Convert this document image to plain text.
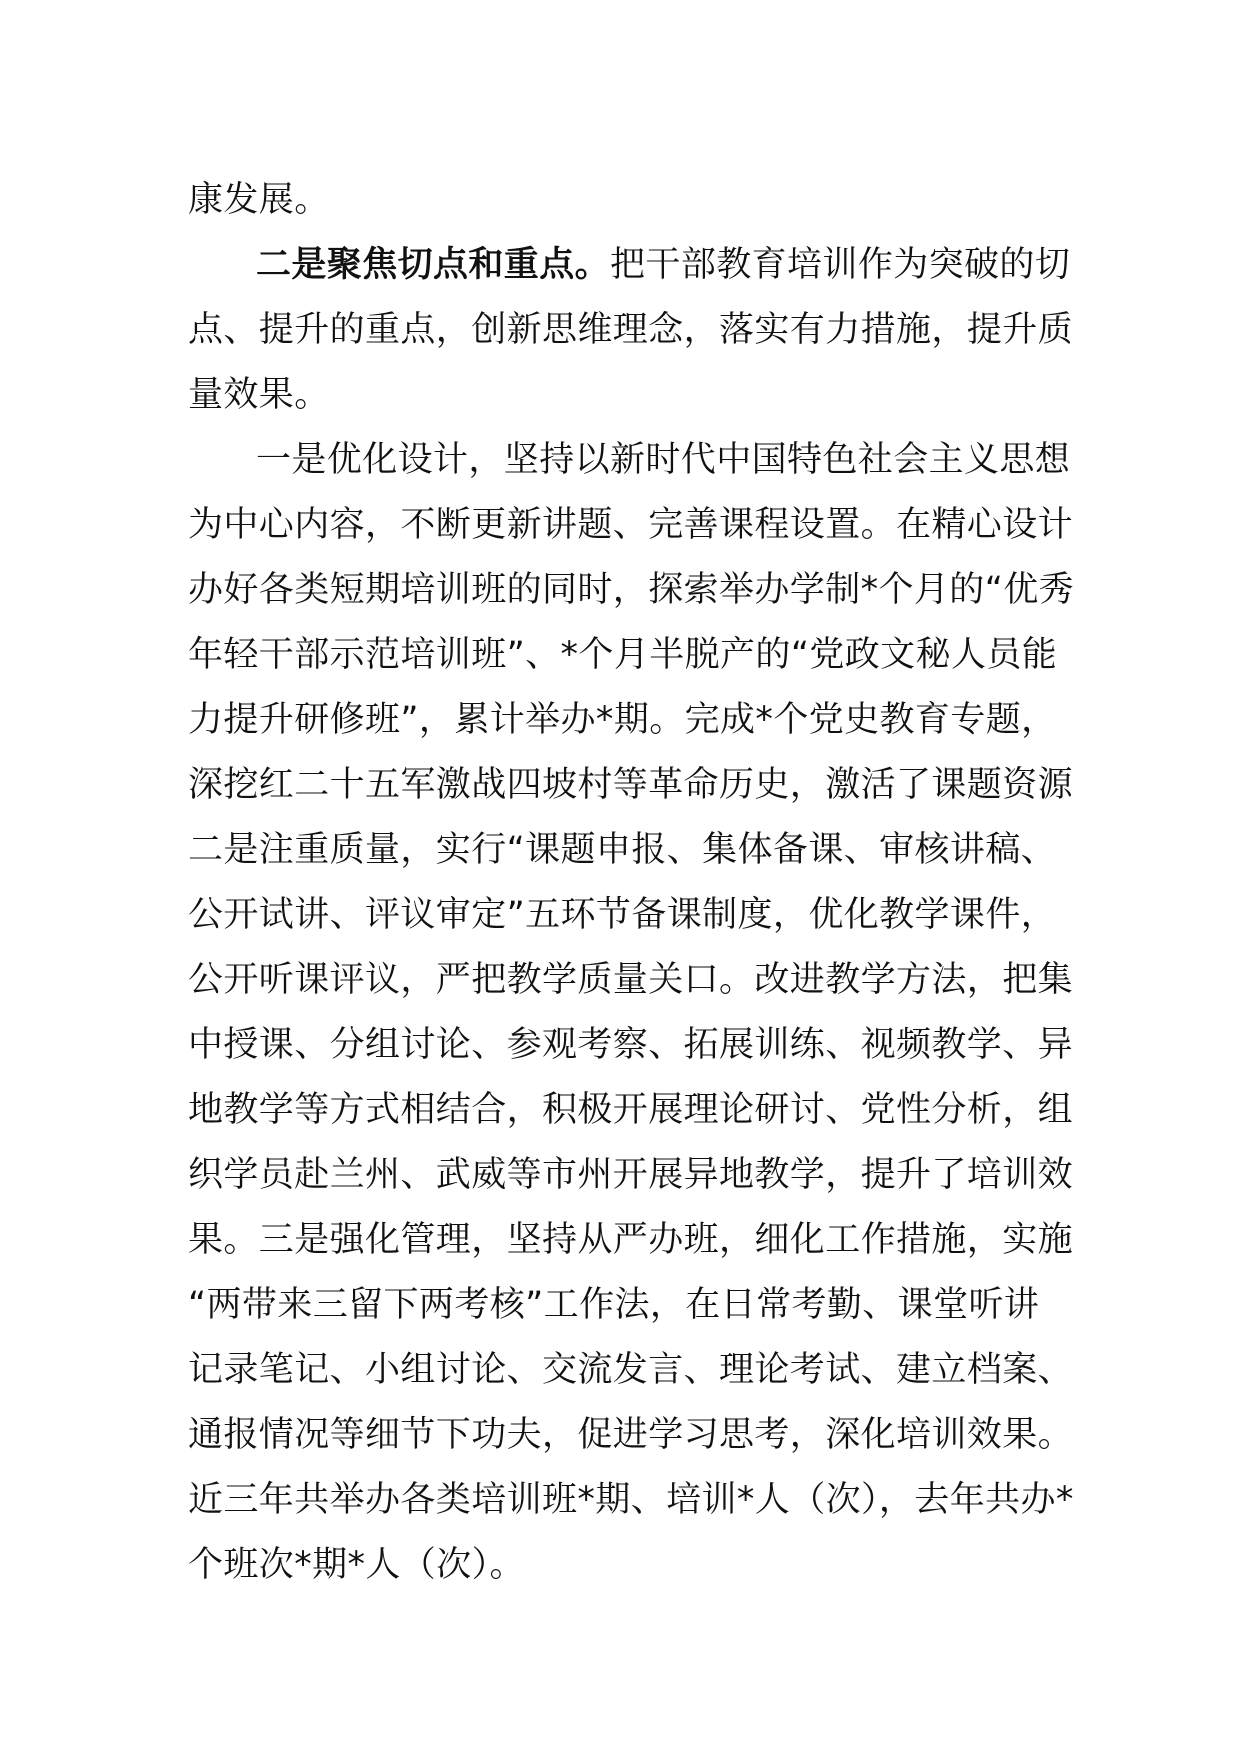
康发展。
二是聚焦切点和重点。把干部教育培训作为突破的切
点、提升的重点，创新思维理念，落实有力措施，提升质
量效果。
一是优化设计，坚持以新时代中国特色社会主义思想
为中心内容，不断更新讲题、完善课程设置。在精心设计
办好各类短期培训班的同时，探索举办学制*个月的“优秀
年轻干部示范培训班”、*个月半脱产的“党政文秘人员能
力提升研修班”，累计举办*期。完成*个党史教育专题，
深挖红二十五军激战四坡村等革命历史，激活了课题资源
二是注重质量，实行“课题申报、集体备课、审核讲稿、
公开试讲、评议审定”五环节备课制度，优化教学课件，
公开听课评议，严把教学质量关口。改进教学方法，把集
中授课、分组讨论、参观考察、拓展训练、视频教学、异
地教学等方式相结合，积极开展理论研讨、党性分析，组
织学员赴兰州、武威等市州开展异地教学，提升了培训效
果。三是强化管理，坚持从严办班，细化工作措施，实施
“两带来三留下两考核”工作法，在日常考勤、课堂听讲
记录笔记、小组讨论、交流发言、理论考试、建立档案、
通报情况等细节下功夫，促进学习思考，深化培训效果。
近三年共举办各类培训班*期、培训*人（次），去年共办*
个班次*期*人（次）。
